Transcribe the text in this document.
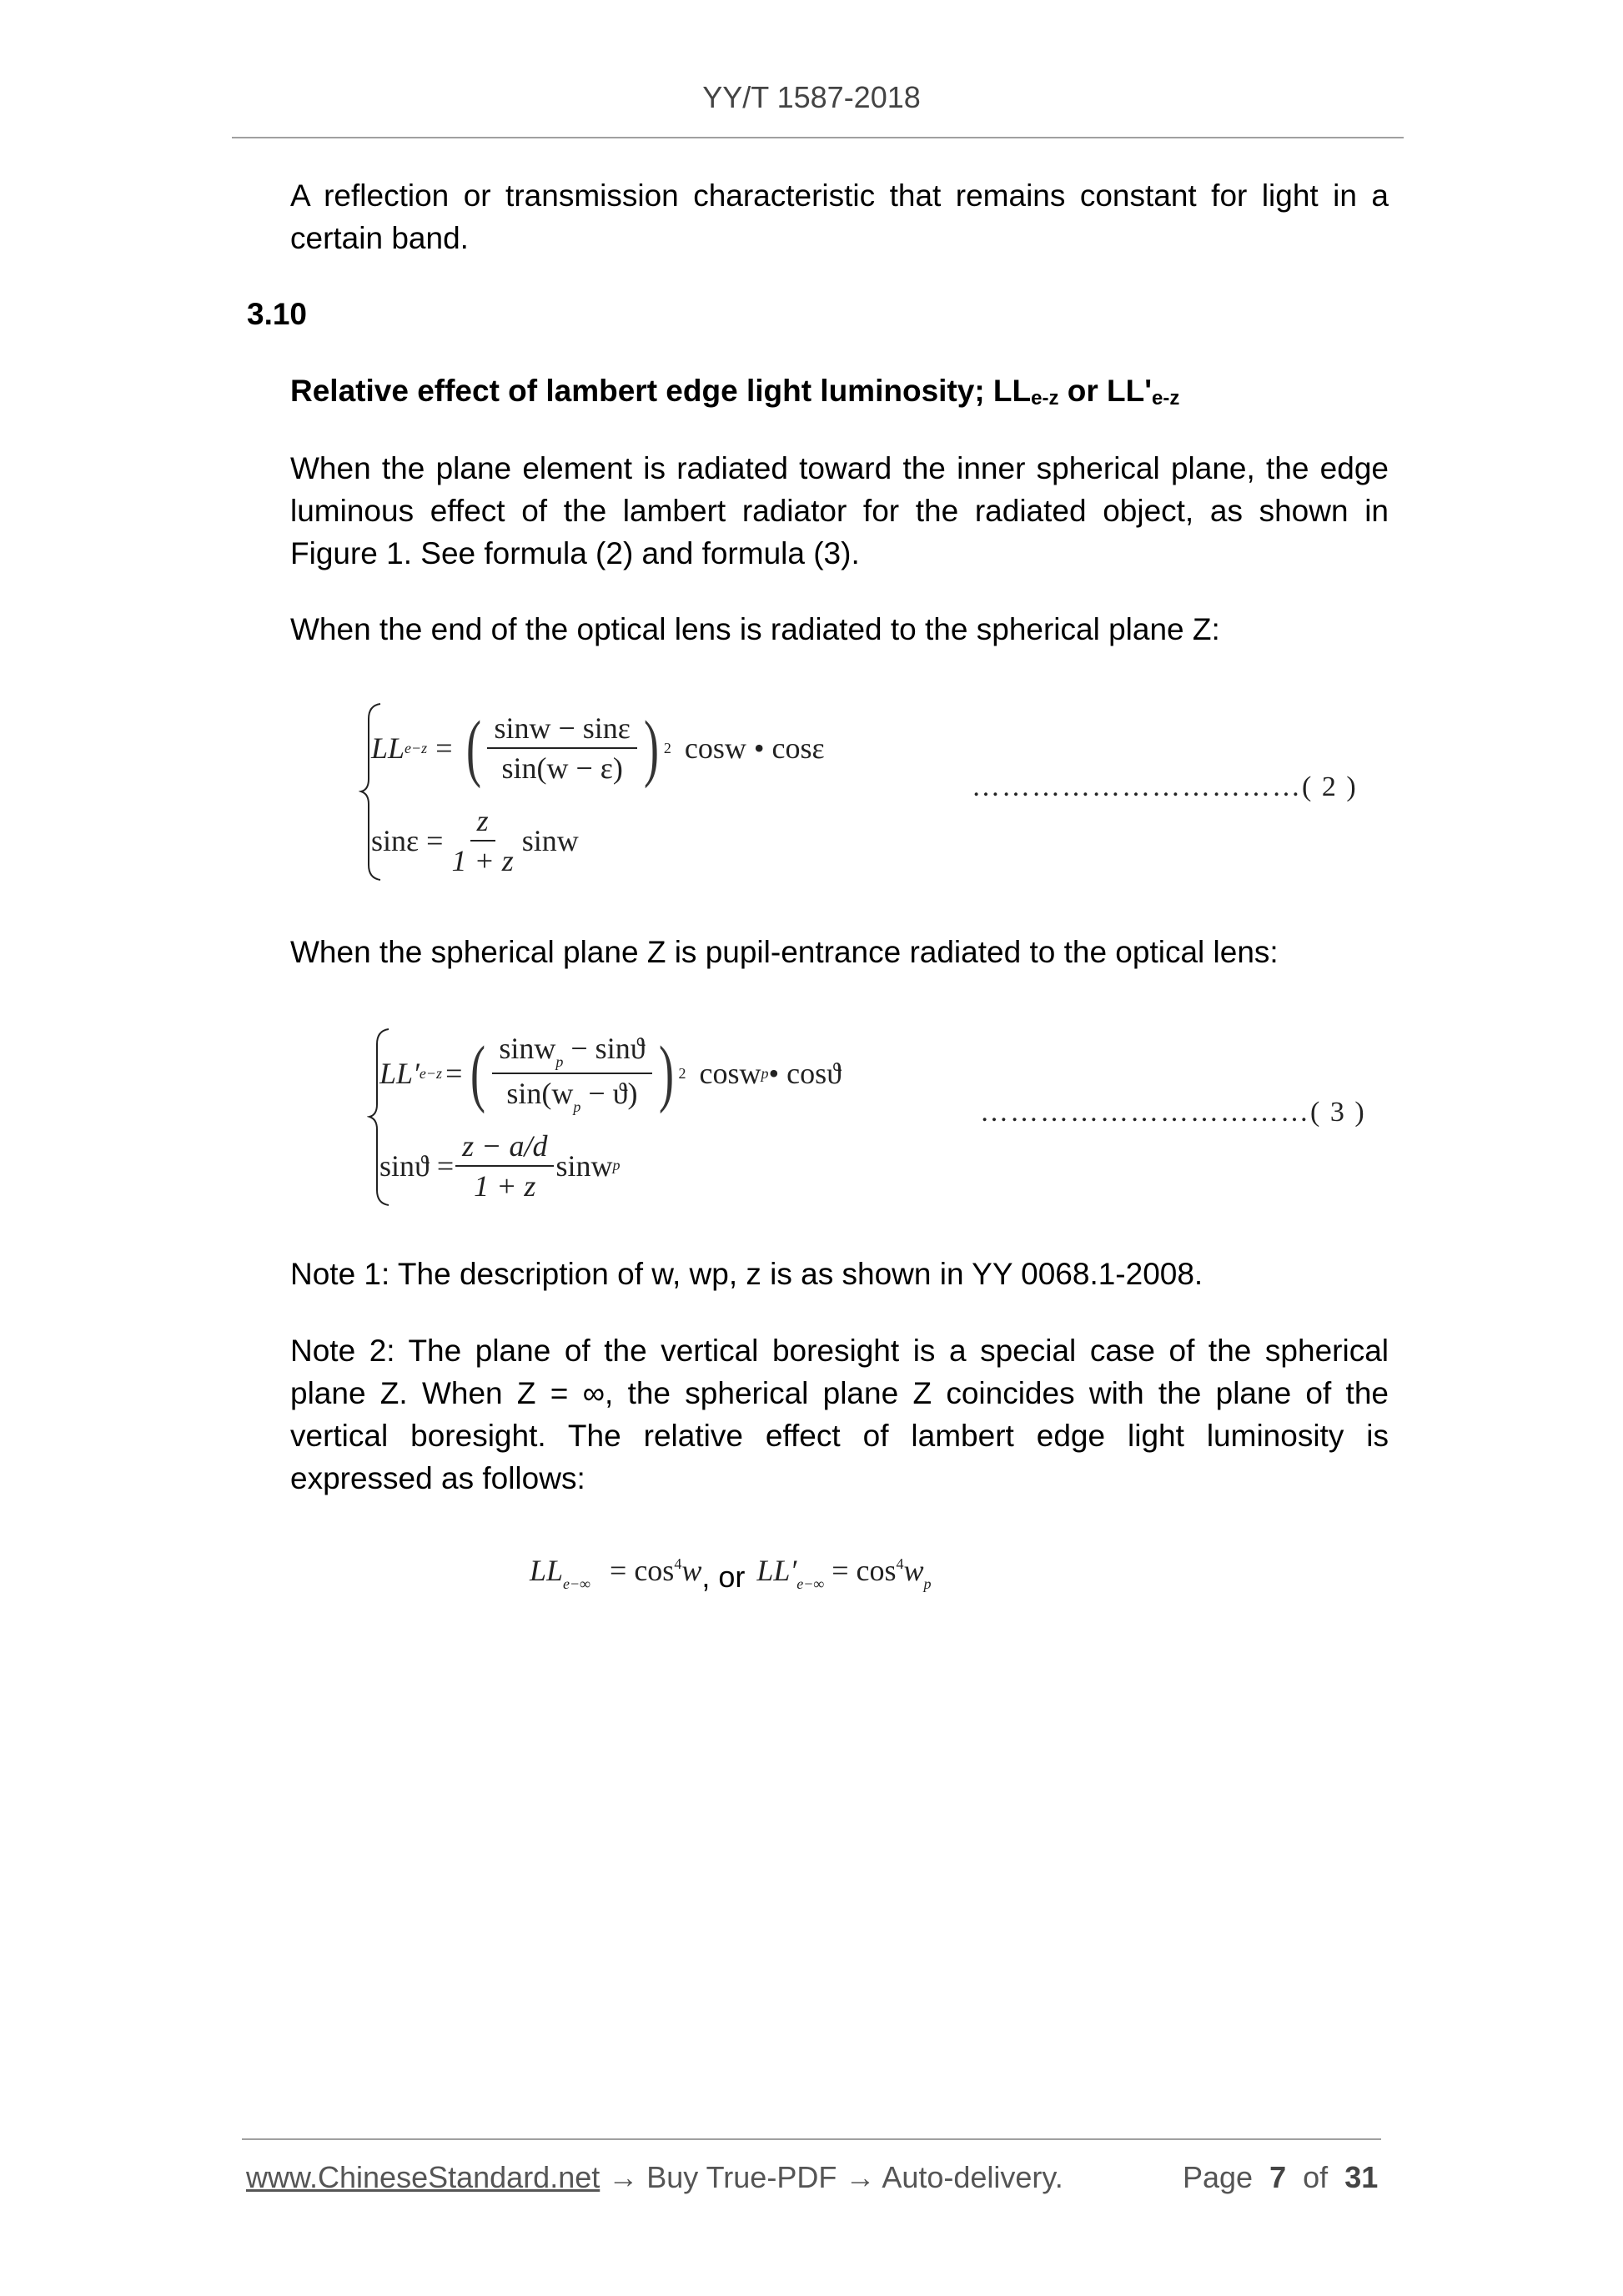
YY/T 1587-2018
A reflection or transmission characteristic that remains constant for light in a certain band.
3.10
Relative effect of lambert edge light luminosity; $LL_{e-z}$ or $LL'_{e-z}$
When the plane element is radiated toward the inner spherical plane, the edge luminous effect of the lambert radiator for the radiated object, as shown in Figure 1. See formula (2) and formula (3).
When the end of the optical lens is radiated to the spherical plane Z:
LL e−z = ( $\frac{\sin w - \sin\varepsilon}{\sin(w - \varepsilon)}$ ) 2 cosw • cosε
$\sin\varepsilon = \frac{z}{1 + z}$ sinw
……………………………( 2 )
When the spherical plane Z is pupil-entrance radiated to the optical lens:
LL′ e−z = ( $\frac{\sin w_p - \sin ϑ}{\sin(w_p - ϑ)}$ ) 2 cosw p • cosϑ
$\sin ϑ = \frac{z - a/d}{1 + z}$ sinw p
……………………………( 3 )
Note 1: The description of w, wp, z is as shown in YY 0068.1-2008.
Note 2: The plane of the vertical boresight is a special case of the spherical plane Z. When Z = ∞, the spherical plane Z coincides with the plane of the vertical boresight. The relative effect of lambert edge light luminosity is expressed as follows:
$LL_{e-\infty} = \cos^4w$, or $LL'_{e-\infty} = \cos^4w_p$
www.ChineseStandard.net → Buy True-PDF → Auto-delivery.	Page 7 of 31
